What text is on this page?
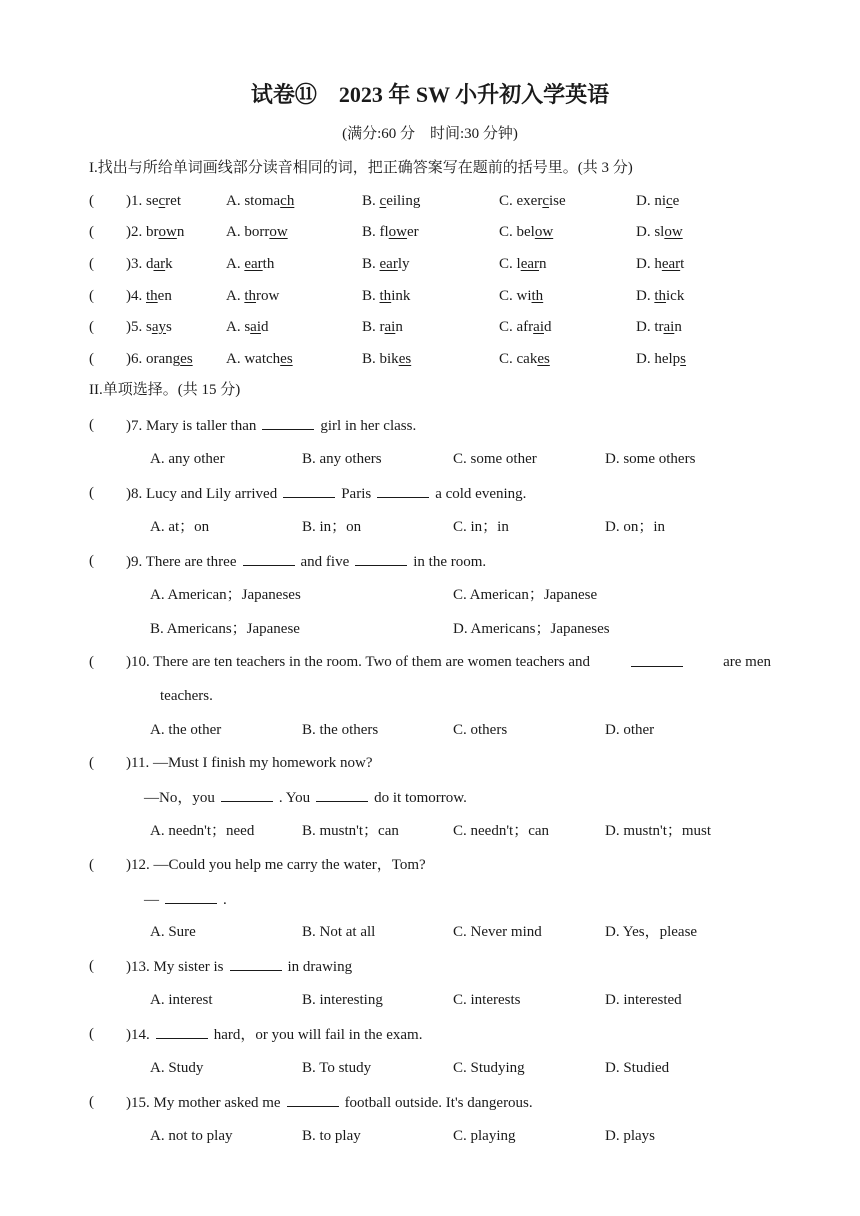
试卷⑪　2023 年 SW 小升初入学英语
(满分:60 分　时间:30 分钟)
I.找出与所给单词画线部分读音相同的词，把正确答案写在题前的括号里。(共 3 分)
( )1. secret	A. stomach	B. ceiling	C. exercise	D. nice
( )2. brown	A. borrow	B. flower	C. below	D. slow
( )3. dark	A. earth	B. early	C. learn	D. heart
( )4. then	A. throw	B. think	C. with	D. thick
( )5. says	A. said	B. rain	C. afraid	D. train
( )6. oranges A. watches	B. bikes	C. cakes	D. helps
II.单项选择。(共 15 分)
( )7. Mary is taller than	girl in her class.
A. any other	B. any others	C. some other	D. some others
( )8. Lucy and Lily arrived	Paris	a cold evening.
A. at；on	B. in；on	C. in；in	D. on；in
( )9. There are three	and five	in the room.
A. American；Japaneses	C. American；Japanese
B. Americans；Japanese	D. Americans；Japaneses
( )10. There are ten teachers in the room. Two of them are women teachers and	are men
teachers.
A. the other	B. the others	C. others	D. other
( )11. —Must I finish my homework now?
—No，you	. You	do it tomorrow.
A. needn't；need	B. mustn't；can	C. needn't；can	D. mustn't；must
( )12. —Could you help me carry the water，Tom?
—	.
A. Sure	B. Not at all	C. Never mind	D. Yes，please
( )13. My sister is	in drawing
A. interest	B. interesting	C. interests	D. interested
( )14.	hard，or you will fail in the exam.
A. Study	B. To study	C. Studying	D. Studied
( )15. My mother asked me	football outside. It's dangerous.
A. not to play	B. to play	C. playing	D. plays
